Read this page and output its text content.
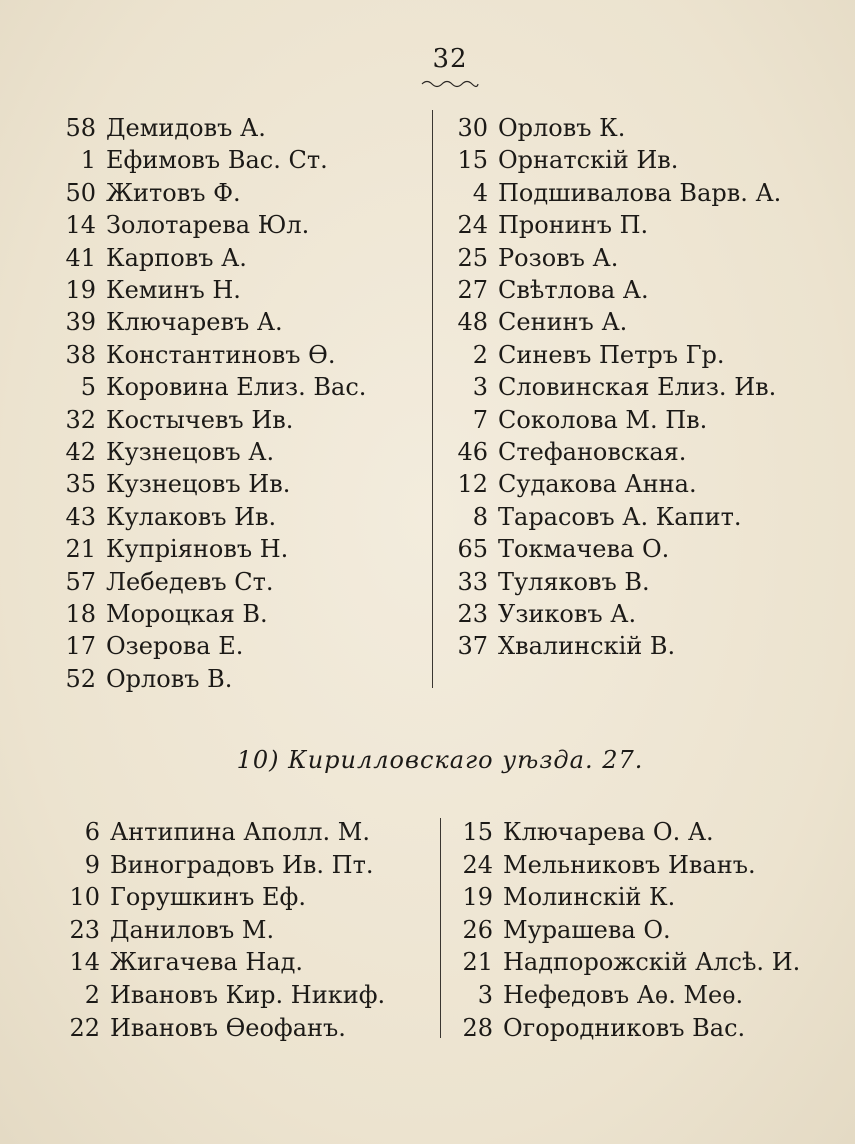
32
58 Демидовъ А.
1 Ефимовъ Вас. Ст.
50 Житовъ Ф.
14 Золотарева Юл.
41 Карповъ А.
19 Кеминъ Н.
39 Ключаревъ А.
38 Константиновъ Ѳ.
5 Коровина Елиз. Вас.
32 Костычевъ Ив.
42 Кузнецовъ А.
35 Кузнецовъ Ив.
43 Кулаковъ Ив.
21 Купріяновъ Н.
57 Лебедевъ Ст.
18 Мороцкая В.
17 Озерова Е.
52 Орловъ В.
30 Орловъ К.
15 Орнатскій Ив.
4 Подшивалова Варв. А.
24 Пронинъ П.
25 Розовъ А.
27 Свѣтлова А.
48 Сенинъ А.
2 Синевъ Петръ Гр.
3 Словинская Елиз. Ив.
7 Соколова М. Пв.
46 Стефановская.
12 Судакова Анна.
8 Тарасовъ А. Капит.
65 Токмачева О.
33 Туляковъ В.
23 Узиковъ А.
37 Хвалинскій В.
10) Кирилловскаго уѣзда. 27.
6 Антипина Аполл. М.
9 Виноградовъ Ив. Пт.
10 Горушкинъ Еф.
23 Даниловъ М.
14 Жигачева Над.
2 Ивановъ Кир. Никиф.
22 Ивановъ Ѳеофанъ.
15 Ключарева О. А.
24 Мельниковъ Иванъ.
19 Молинскій К.
26 Мурашева О.
21 Надпорожскій Алсѣ. И.
3 Нефедовъ Аѳ. Меѳ.
28 Огородниковъ Вас.
